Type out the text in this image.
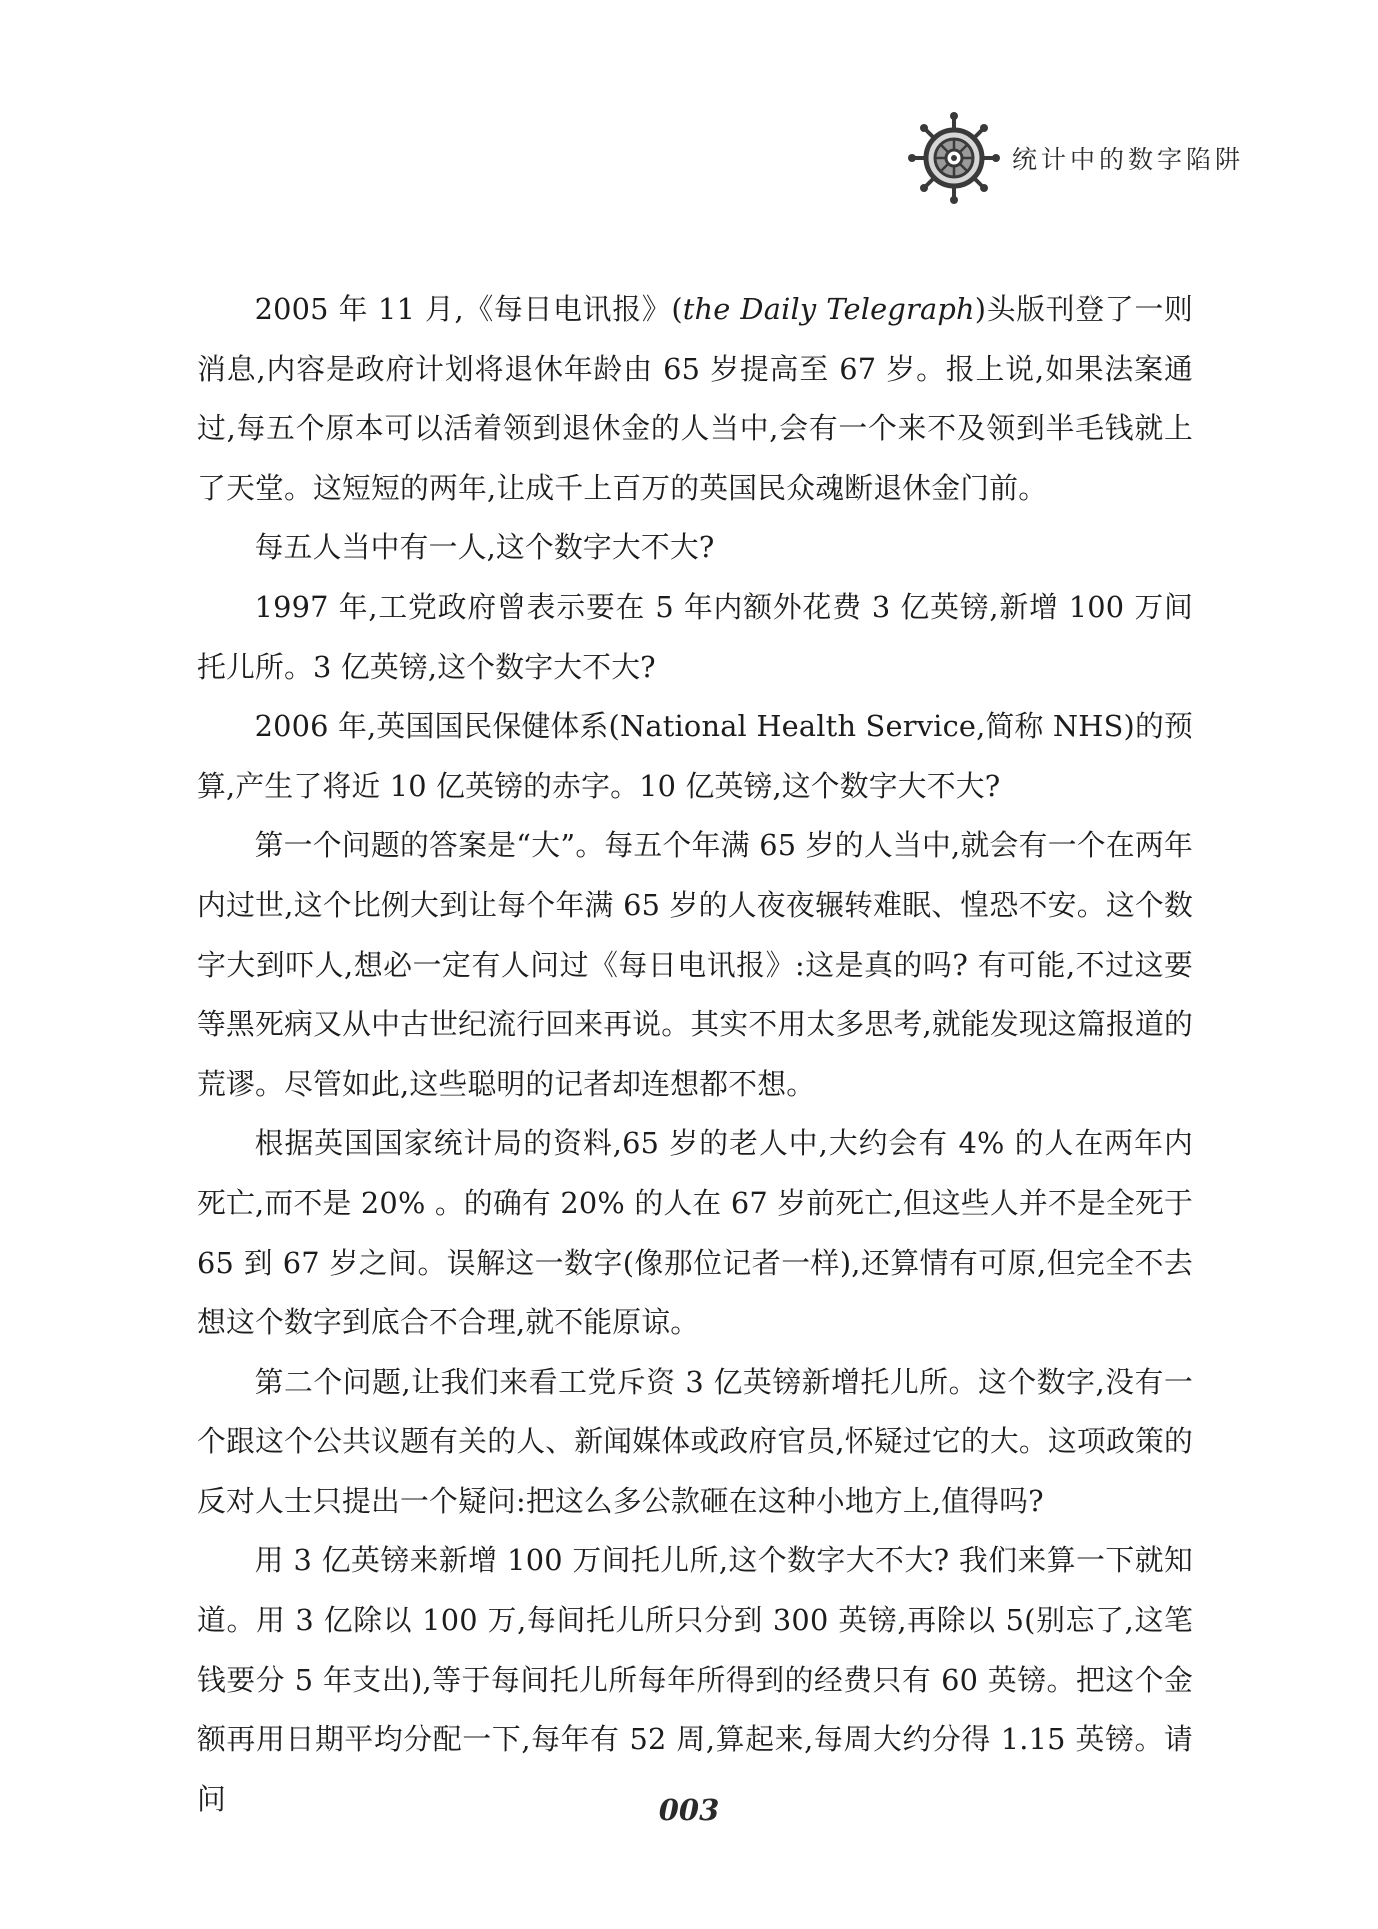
统计中的数字陷阱

2005 年 11 月,《每日电讯报》(the Daily Telegraph)头版刊登了一则消息,内容是政府计划将退休年龄由 65 岁提高至 67 岁。报上说,如果法案通过,每五个原本可以活着领到退休金的人当中,会有一个来不及领到半毛钱就上了天堂。这短短的两年,让成千上百万的英国民众魂断退休金门前。

每五人当中有一人,这个数字大不大?

1997 年,工党政府曾表示要在 5 年内额外花费 3 亿英镑,新增 100 万间托儿所。3 亿英镑,这个数字大不大?

2006 年,英国国民保健体系(National Health Service,简称 NHS)的预算,产生了将近 10 亿英镑的赤字。10 亿英镑,这个数字大不大?

第一个问题的答案是“大”。每五个年满 65 岁的人当中,就会有一个在两年内过世,这个比例大到让每个年满 65 岁的人夜夜辗转难眠、惶恐不安。这个数字大到吓人,想必一定有人问过《每日电讯报》:这是真的吗? 有可能,不过这要等黑死病又从中古世纪流行回来再说。其实不用太多思考,就能发现这篇报道的荒谬。尽管如此,这些聪明的记者却连想都不想。

根据英国国家统计局的资料,65 岁的老人中,大约会有 4% 的人在两年内死亡,而不是 20% 。的确有 20% 的人在 67 岁前死亡,但这些人并不是全死于 65 到 67 岁之间。误解这一数字(像那位记者一样),还算情有可原,但完全不去想这个数字到底合不合理,就不能原谅。

第二个问题,让我们来看工党斥资 3 亿英镑新增托儿所。这个数字,没有一个跟这个公共议题有关的人、新闻媒体或政府官员,怀疑过它的大。这项政策的反对人士只提出一个疑问:把这么多公款砸在这种小地方上,值得吗?

用 3 亿英镑来新增 100 万间托儿所,这个数字大不大? 我们来算一下就知道。用 3 亿除以 100 万,每间托儿所只分到 300 英镑,再除以 5(别忘了,这笔钱要分 5 年支出),等于每间托儿所每年所得到的经费只有 60 英镑。把这个金额再用日期平均分配一下,每年有 52 周,算起来,每周大约分得 1.15 英镑。请问	003
